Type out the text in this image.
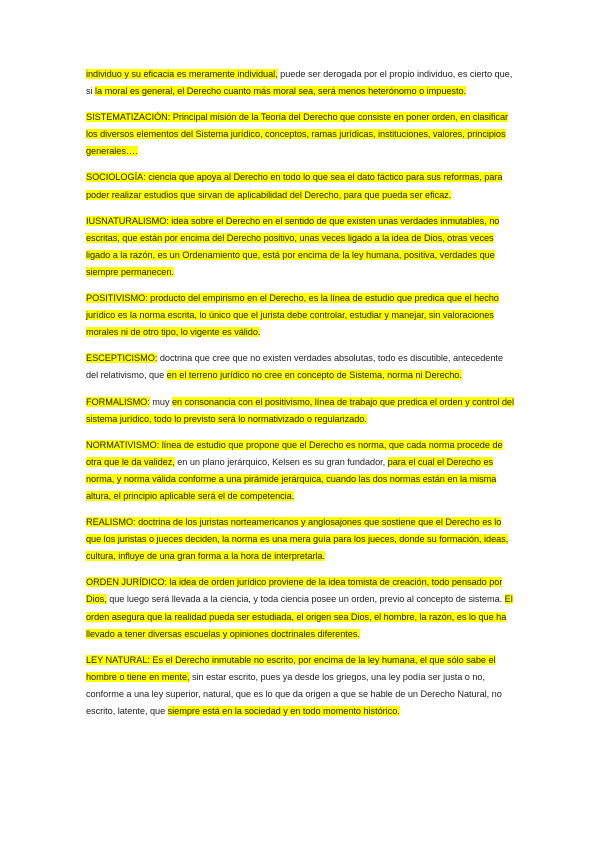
individuo y su eficacia es meramente individual, puede ser derogada por el propio individuo, es cierto que, si la moral es general, el Derecho cuanto más moral sea, será menos heterónomo o impuesto.

SISTEMATIZACIÓN: Principal misión de la Teoría del Derecho que consiste en poner orden, en clasificar los diversos elementos del Sistema jurídico, conceptos, ramas jurídicas, instituciones, valores, principios generales….

SOCIOLOGÍA: ciencia que apoya al Derecho en todo lo que sea el dato fáctico para sus reformas, para poder realizar estudios que sirvan de aplicabilidad del Derecho, para que pueda ser eficaz.

IUSNATURALISMO: idea sobre el Derecho en el sentido de que existen unas verdades inmutables, no escritas, que están por encima del Derecho positivo, unas veces ligado a la idea de Dios, otras veces ligado a la razón, es un Ordenamiento que, está por encima de la ley humana, positiva, verdades que siempre permanecen.

POSITIVISMO: producto del empirismo en el Derecho, es la línea de estudio que predica que el hecho jurídico es la norma escrita, lo único que el jurista debe controlar, estudiar y manejar, sin valoraciones morales ni de otro tipo, lo vigente es válido.

ESCEPTICISMO: doctrina que cree que no existen verdades absolutas, todo es discutible, antecedente del relativismo, que en el terreno jurídico no cree en concepto de Sistema, norma ni Derecho.

FORMALISMO: muy en consonancia con el positivismo, línea de trabajo que predica el orden y control del sistema jurídico, todo lo previsto será lo normativizado o regularizado.

NORMATIVISMO: línea de estudio que propone que el Derecho es norma, que cada norma procede de otra que le da validez, en un plano jerárquico, Kelsen es su gran fundador, para el cual el Derecho es norma, y norma válida conforme a una pirámide jerárquica, cuando las dos normas están en la misma altura, el principio aplicable será el de competencia.

REALISMO: doctrina de los juristas norteamericanos y anglosajones que sostiene que el Derecho es lo que los juristas o jueces deciden, la norma es una mera guía para los jueces, donde su formación, ideas, cultura, influye de una gran forma a la hora de interpretarla.

ORDEN JURÍDICO: la idea de orden jurídico proviene de la idea tomista de creación, todo pensado por Dios, que luego será llevada a la ciencia, y toda ciencia posee un orden, previo al concepto de sistema. El orden asegura que la realidad pueda ser estudiada, el origen sea Dios, el hombre, la razón, es lo que ha llevado a tener diversas escuelas y opiniones doctrinales diferentes.

LEY NATURAL: Es el Derecho inmutable no escrito, por encima de la ley humana, el que sólo sabe el hombre o tiene en mente, sin estar escrito, pues ya desde los griegos, una ley podía ser justa o no, conforme a una ley superior, natural, que es lo que da origen a que se hable de un Derecho Natural, no escrito, latente, que siempre está en la sociedad y en todo momento histórico.
